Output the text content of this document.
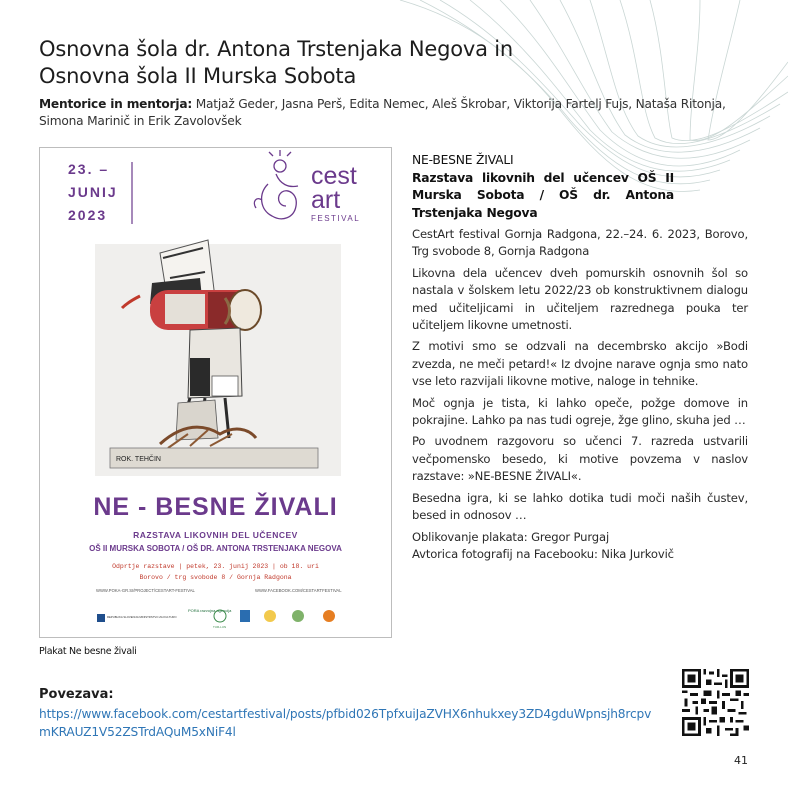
Osnovna šola dr. Antona Trstenjaka Negova in Osnovna šola II Murska Sobota
Mentorice in mentorja: Matjaž Geder, Jasna Perš, Edita Nemec, Aleš Škrobar, Viktorija Fartelj Fujs, Nataša Ritonja, Simona Marinič in Erik Zavolovšek
23. –
JUNIJ
2023
cest
art
FESTIVAL
ROK. TEHČIN
NE - BESNE ŽIVALI
RAZSTAVA LIKOVNIH DEL UČENCEV
OŠ II MURSKA SOBOTA / OŠ DR. ANTONA TRSTENJAKA NEGOVA
Odprtje razstave | petek, 23. junij 2023 | ob 18. uri
Borovo / trg svobode 8 / Gornja Radgona
WWW.POKA-GR.SI/PROJECT/CESTART-FESTIVAL	WWW.FACEBOOK.COM/CESTARTFESTIVAL
REPUBLIKA SLOVENIJA MINISTRSTVO ZA KULTURO
PORA razvojna agencija
TUR-LUN
Plakat Ne besne živali

NE-BESNE ŽIVALI

Razstava likovnih del učencev OŠ II Murska Sobota / OŠ dr. Antona Trstenjaka Negova

CestArt festival Gornja Radgona, 22.–24. 6. 2023, Borovo, Trg svobode 8, Gornja Radgona

Likovna dela učencev dveh pomurskih osnovnih šol so nastala v šolskem letu 2022/23 ob konstruktivnem dialogu med učiteljicami in učiteljem razrednega pouka ter učiteljem likovne umetnosti.

Z motivi smo se odzvali na decembrsko akcijo »Bodi zvezda, ne meči petard!« Iz dvojne narave ognja smo nato vse leto razvijali likovne motive, naloge in tehnike.

Moč ognja je tista, ki lahko opeče, požge domove in pokrajine. Lahko pa nas tudi ogreje, žge glino, skuha jed …

Po uvodnem razgovoru so učenci 7. razreda ustvarili večpomensko besedo, ki motive povzema v naslov razstave: »NE-BESNE ŽIVALI«.

Besedna igra, ki se lahko dotika tudi moči naših čustev, besed in odnosov …

Oblikovanje plakata: Gregor Purgaj

Avtorica fotografij na Facebooku: Nika Jurkovič

Povezava:
https://www.facebook.com/cestartfestival/posts/pfbid026TpfxuiJaZVHX6nhukxey3ZD4gduWpnsjh8rcpvmKRAUZ1V52ZSTrdAQuM5xNiF4l
41
